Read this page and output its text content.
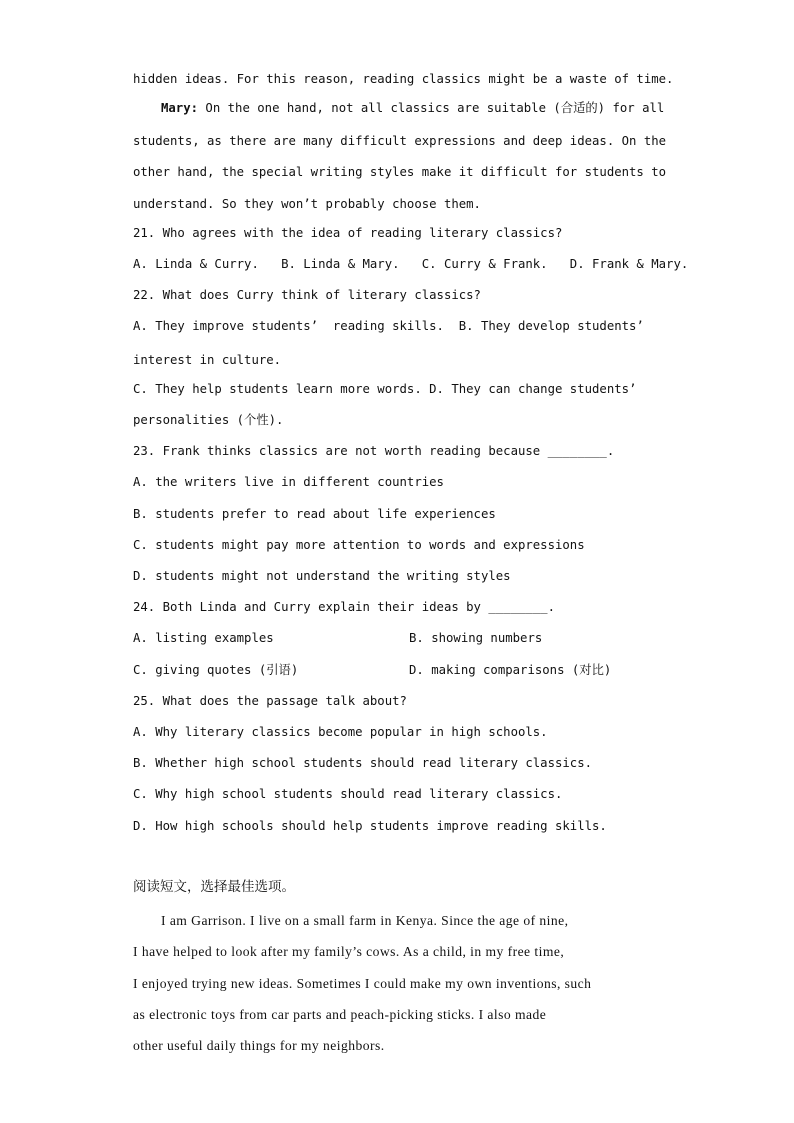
hidden ideas. For this reason, reading classics might be a waste of time.
Mary: On the one hand, not all classics are suitable (合适的) for all
students, as there are many difficult expressions and deep ideas. On the
other hand, the special writing styles make it difficult for students to
understand. So they won’t probably choose them.
21. Who agrees with the idea of reading literary classics?
A. Linda & Curry.   B. Linda & Mary.   C. Curry & Frank.   D. Frank & Mary.
22. What does Curry think of literary classics?
A. They improve students’  reading skills.  B. They develop students’
interest in culture.
C. They help students learn more words. D. They can change students’
personalities (个性).
23. Frank thinks classics are not worth reading because ________.
A. the writers live in different countries
B. students prefer to read about life experiences
C. students might pay more attention to words and expressions
D. students might not understand the writing styles
24. Both Linda and Curry explain their ideas by ________.
A. listing examples	B. showing numbers
C. giving quotes (引语)	D. making comparisons (对比)
25. What does the passage talk about?
A. Why literary classics become popular in high schools.
B. Whether high school students should read literary classics.
C. Why high school students should read literary classics.
D. How high schools should help students improve reading skills.
阅读短文，选择最佳选项。
I am Garrison. I live on a small farm in Kenya. Since the age of nine,
I have helped to look after my family’s cows. As a child, in my free time,
I enjoyed trying new ideas. Sometimes I could make my own inventions, such
as electronic toys from car parts and peach-picking sticks. I also made
other useful daily things for my neighbors.
